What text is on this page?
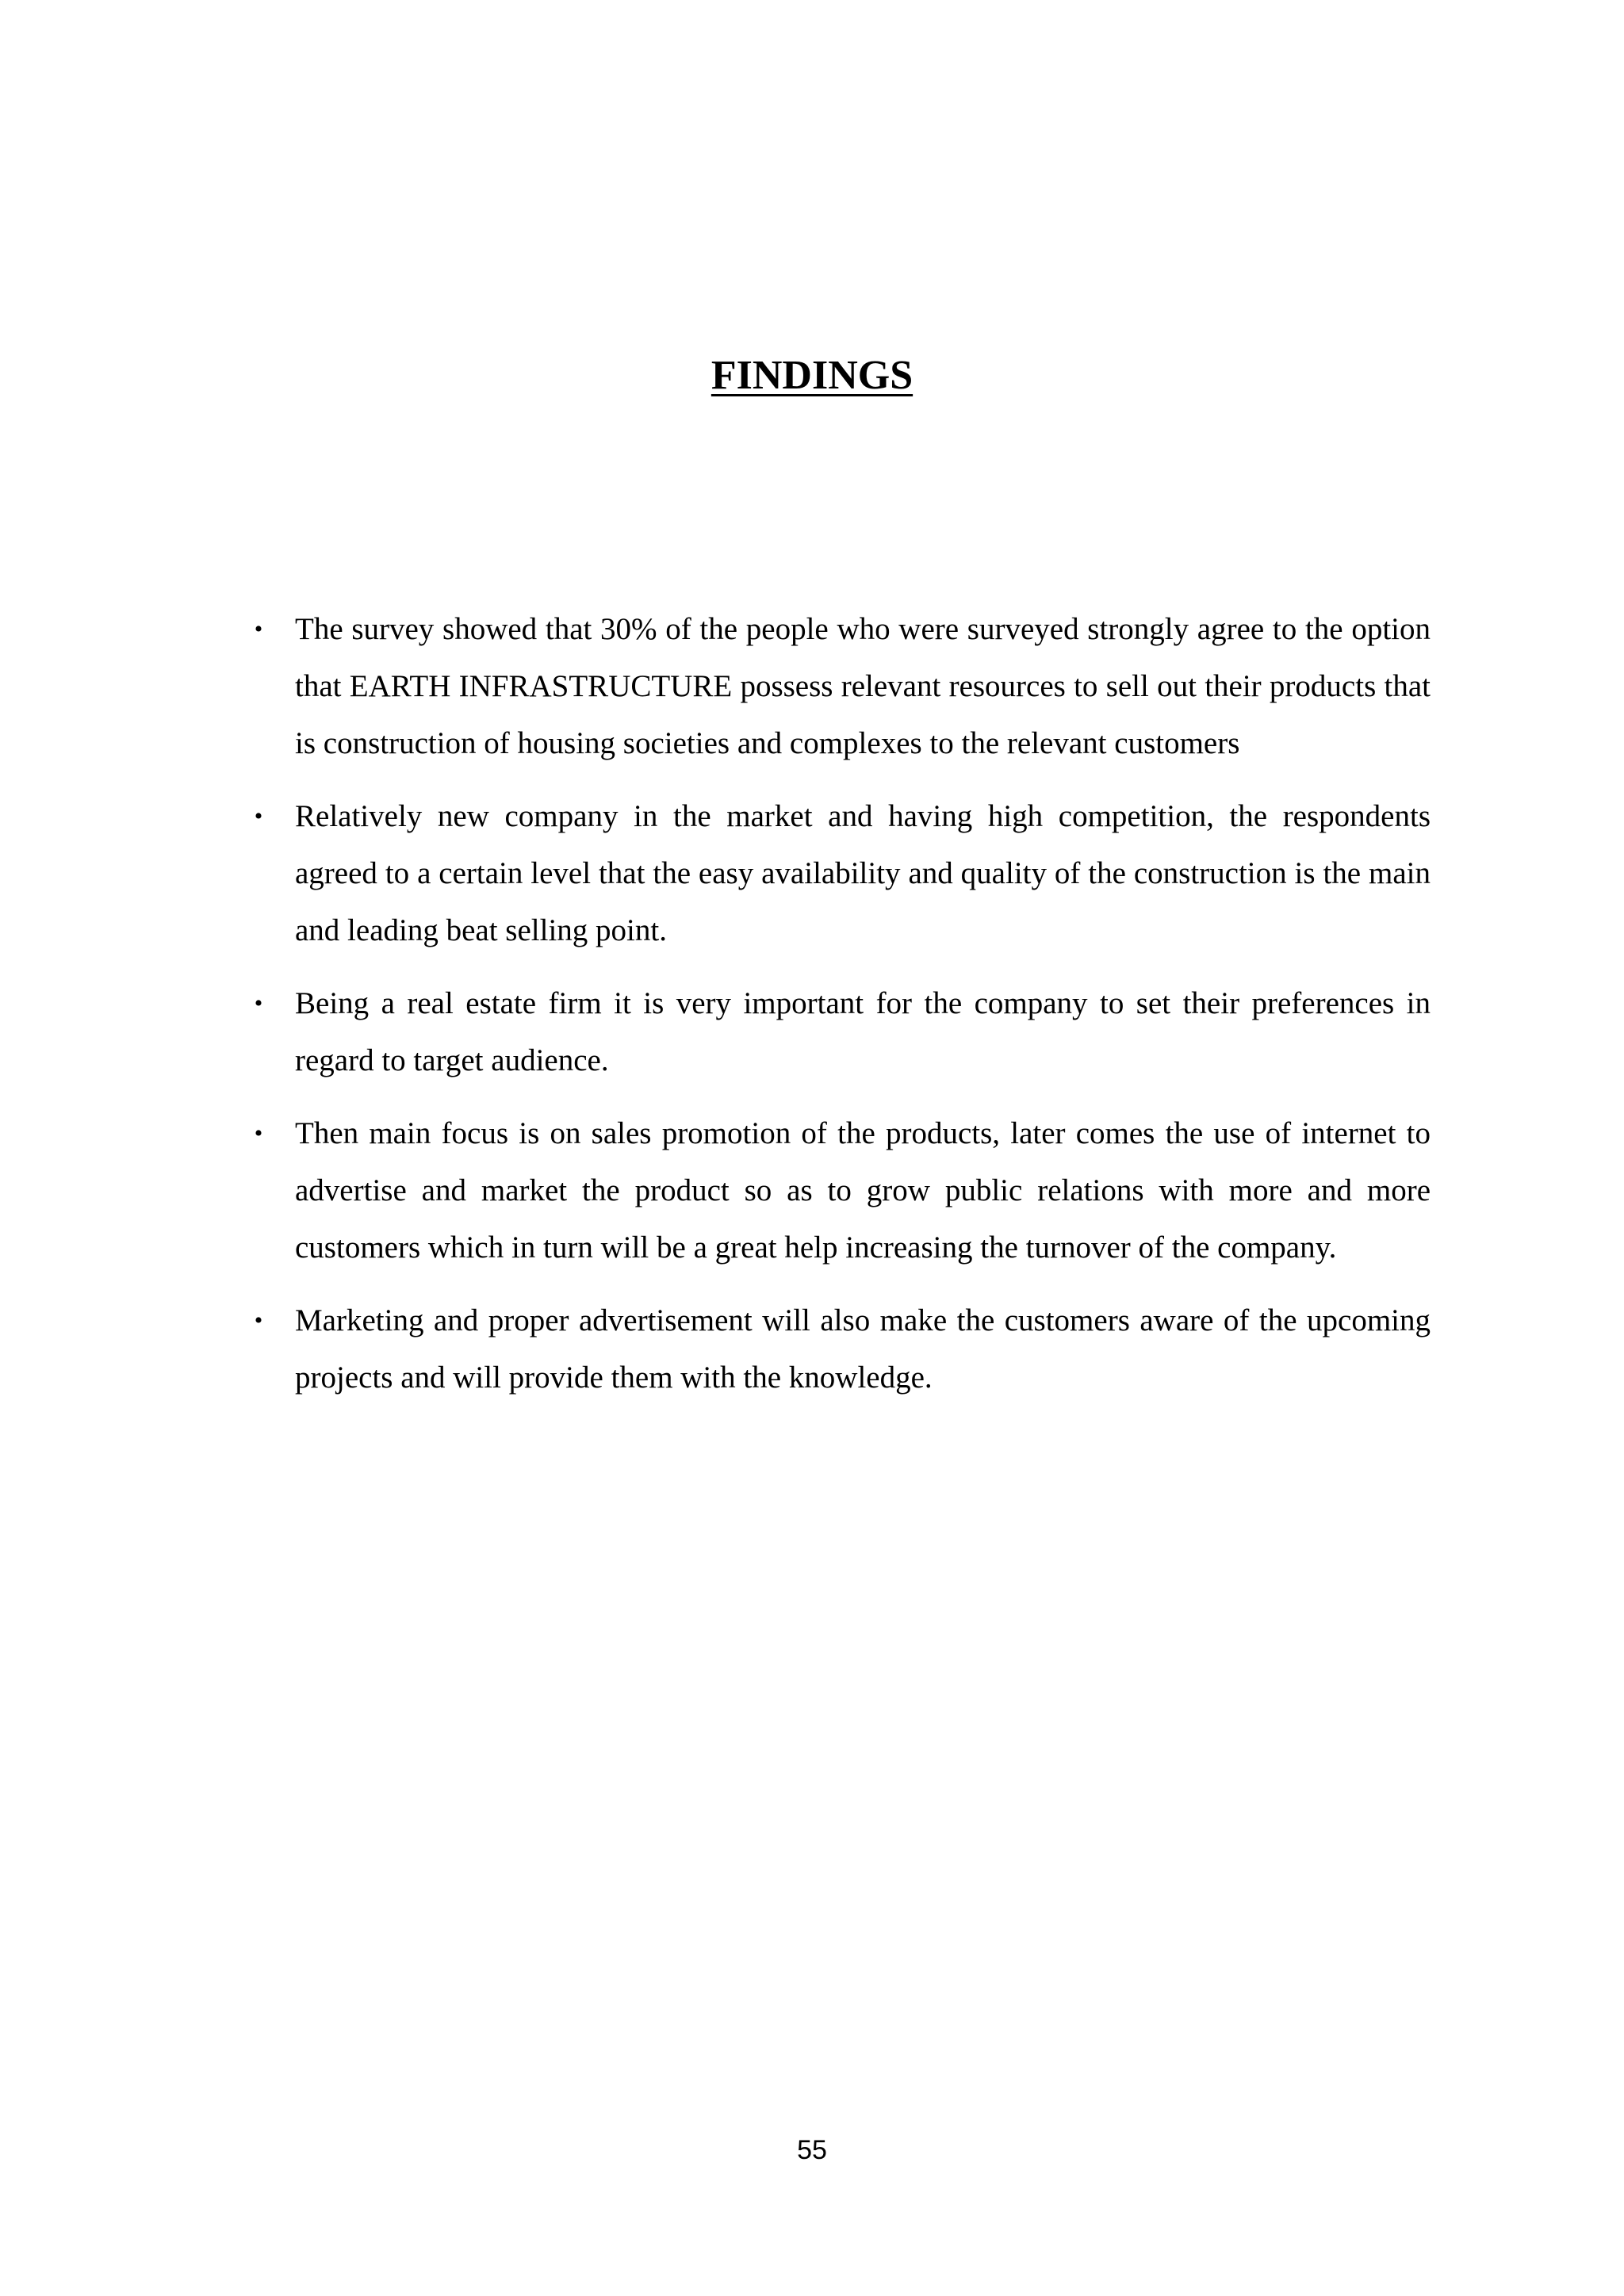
FINDINGS
• The survey showed that 30% of the people who were surveyed strongly agree to the option that EARTH INFRASTRUCTURE possess relevant resources to sell out their products that is construction of housing societies and complexes to the relevant customers
• Relatively new company in the market and having high competition, the respondents agreed to a certain level that the easy availability and quality of the construction is the main and leading beat selling point.
• Being a real estate firm it is very important for the company to set their preferences in regard to target audience.
• Then main focus is on sales promotion of the products, later comes the use of internet to advertise and market the product so as to grow public relations with more and more customers which in turn will be a great help increasing the turnover of the company.
• Marketing and proper advertisement will also make the customers aware of the upcoming projects and will provide them with the knowledge.
55
